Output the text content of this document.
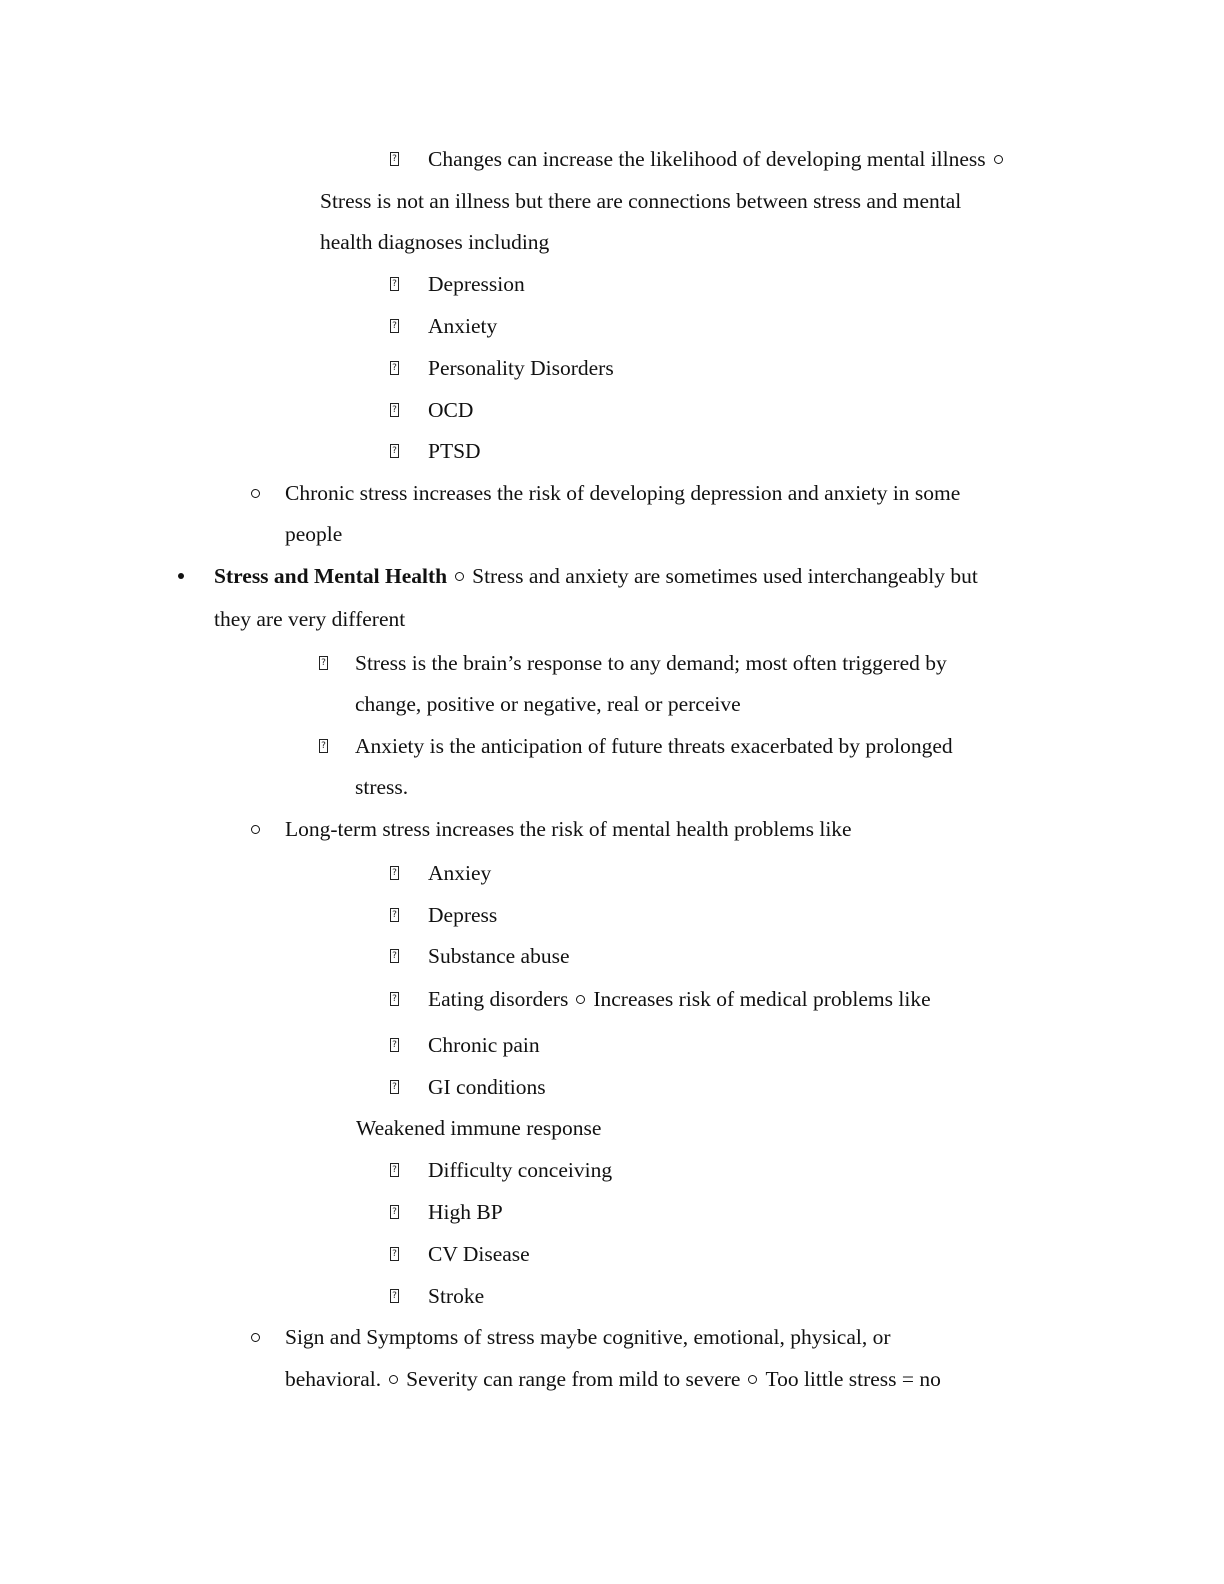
? Changes can increase the likelihood of developing mental illness
Stress is not an illness but there are connections between stress and mental
health diagnoses including
? Depression
? Anxiety
? Personality Disorders
? OCD
? PTSD
Chronic stress increases the risk of developing depression and anxiety in some
people
Stress and Mental Health Stress and anxiety are sometimes used interchangeably but
they are very different
? Stress is the brain’s response to any demand; most often triggered by
change, positive or negative, real or perceive
? Anxiety is the anticipation of future threats exacerbated by prolonged
stress.
Long-term stress increases the risk of mental health problems like
? Anxiey
? Depress
? Substance abuse
? Eating disorders Increases risk of medical problems like
? Chronic pain
? GI conditions
Weakened immune response
? Difficulty conceiving
? High BP
? CV Disease
? Stroke
Sign and Symptoms of stress maybe cognitive, emotional, physical, or
behavioral. Severity can range from mild to severe Too little stress = no
